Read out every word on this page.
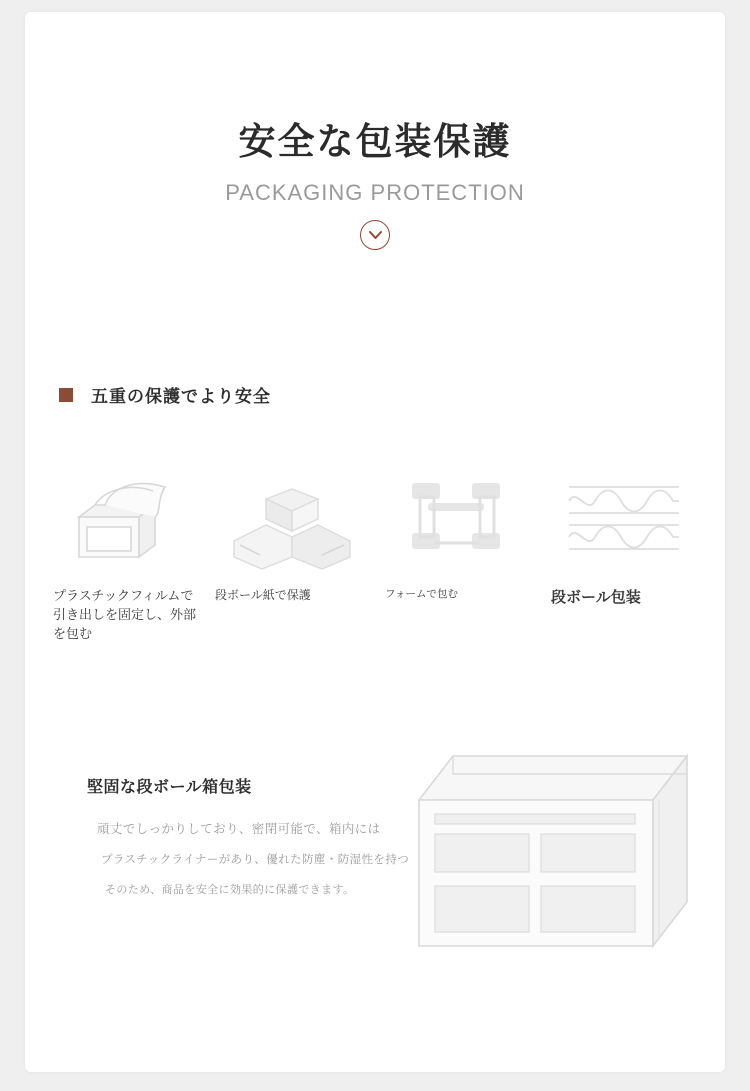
安全な包装保護
PACKAGING PROTECTION
五重の保護でより安全
プラスチックフィルムで引き出しを固定し、外部を包む
段ボール紙で保護	フォームで包む	段ボール包装
堅固な段ボール箱包装
頑丈でしっかりしており、密閉可能で、箱内には
プラスチックライナーがあり、優れた防塵・防湿性を持つ
そのため、商品を安全に効果的に保護できます。
